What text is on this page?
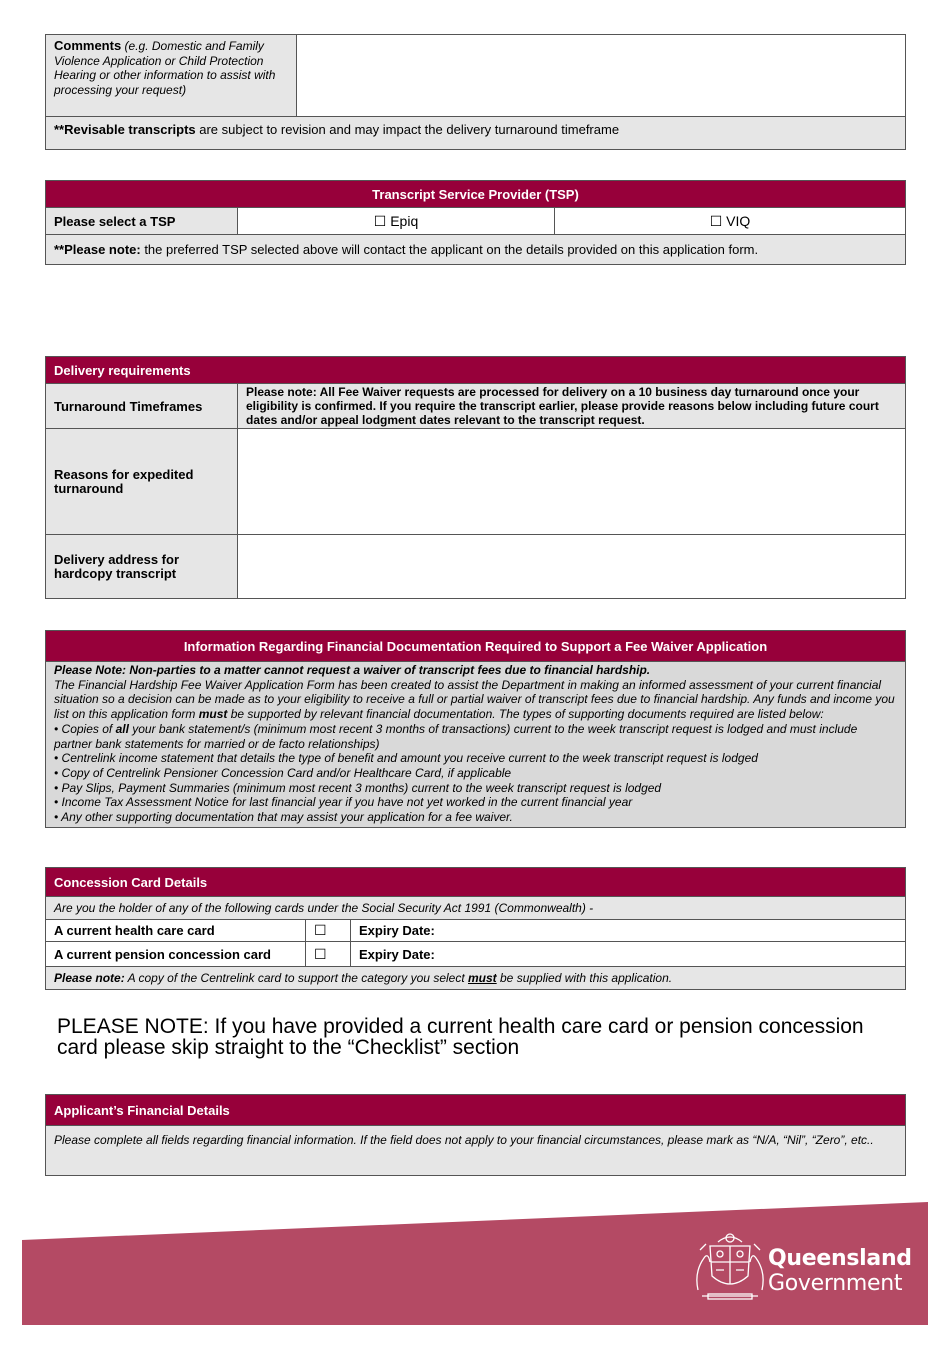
Comments (e.g. Domestic and Family Violence Application or Child Protection Hearing or other information to assist with processing your request)	
**Revisable transcripts are subject to revision and may impact the delivery turnaround timeframe
Transcript Service Provider (TSP)
Please select a TSP	☐ Epiq	☐ VIQ
**Please note: the preferred TSP selected above will contact the applicant on the details provided on this application form.
Delivery requirements	
Turnaround Timeframes	Please note: All Fee Waiver requests are processed for delivery on a 10 business day turnaround once your eligibility is confirmed. If you require the transcript earlier, please provide reasons below including future court dates and/or appeal lodgment dates relevant to the transcript request.
Reasons for expedited turnaround	
Delivery address for hardcopy transcript	
Information Regarding Financial Documentation Required to Support a Fee Waiver Application

Please Note: Non-parties to a matter cannot request a waiver of transcript fees due to financial hardship.

The Financial Hardship Fee Waiver Application Form has been created to assist the Department in making an informed assessment of your current financial situation so a decision can be made as to your eligibility to receive a full or partial waiver of transcript fees due to financial hardship. Any funds and income you list on this application form must be supported by relevant financial documentation. The types of supporting documents required are listed below:

• Copies of all your bank statement/s (minimum most recent 3 months of transactions) current to the week transcript request is lodged and must include partner bank statements for married or de facto relationships)

• Centrelink income statement that details the type of benefit and amount you receive current to the week transcript request is lodged

• Copy of Centrelink Pensioner Concession Card and/or Healthcare Card, if applicable

• Pay Slips, Payment Summaries (minimum most recent 3 months) current to the week transcript request is lodged

• Income Tax Assessment Notice for last financial year if you have not yet worked in the current financial year

• Any other supporting documentation that may assist your application for a fee waiver.

Concession Card Details		
Are you the holder of any of the following cards under the Social Security Act 1991 (Commonwealth) -		
A current health care card	☐	Expiry Date:
A current pension concession card	☐	Expiry Date:
Please note: A copy of the Centrelink card to support the category you select must be supplied with this application.		
PLEASE NOTE: If you have provided a current health care card or pension concession card please skip straight to the “Checklist” section
Applicant’s Financial Details
Please complete all fields regarding financial information. If the field does not apply to your financial circumstances, please mark as “N/A, “Nil”, “Zero”, etc..
Queensland
Government
